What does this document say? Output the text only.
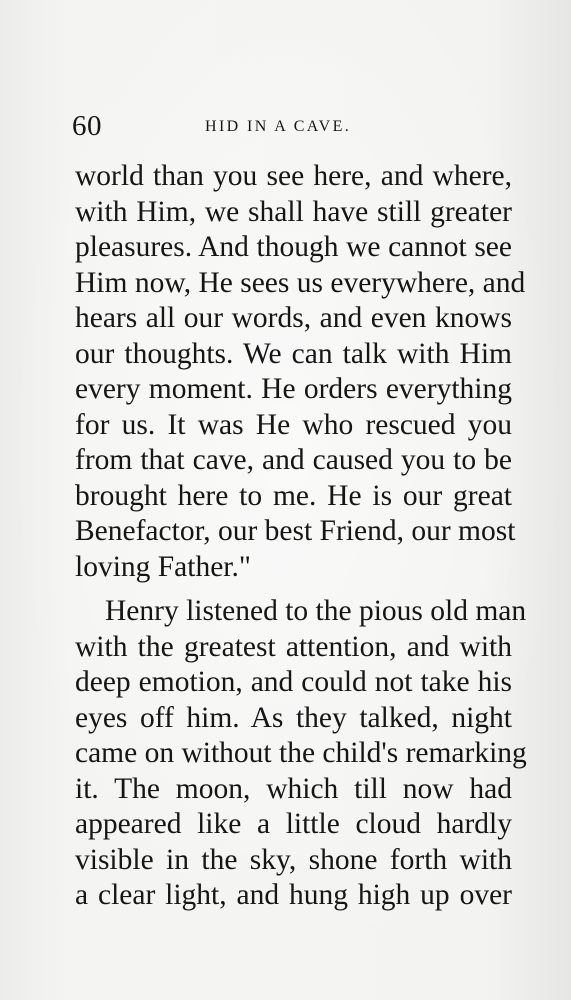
60	HID IN A CAVE.
world than you see here, and where,
with Him, we shall have still greater
pleasures. And though we cannot see
Him now, He sees us everywhere, and
hears all our words, and even knows
our thoughts. We can talk with Him
every moment. He orders everything
for us. It was He who rescued you
from that cave, and caused you to be
brought here to me. He is our great
Benefactor, our best Friend, our most
loving Father."
Henry listened to the pious old man
with the greatest attention, and with
deep emotion, and could not take his
eyes off him. As they talked, night
came on without the child's remarking
it. The moon, which till now had
appeared like a little cloud hardly
visible in the sky, shone forth with
a clear light, and hung high up over
